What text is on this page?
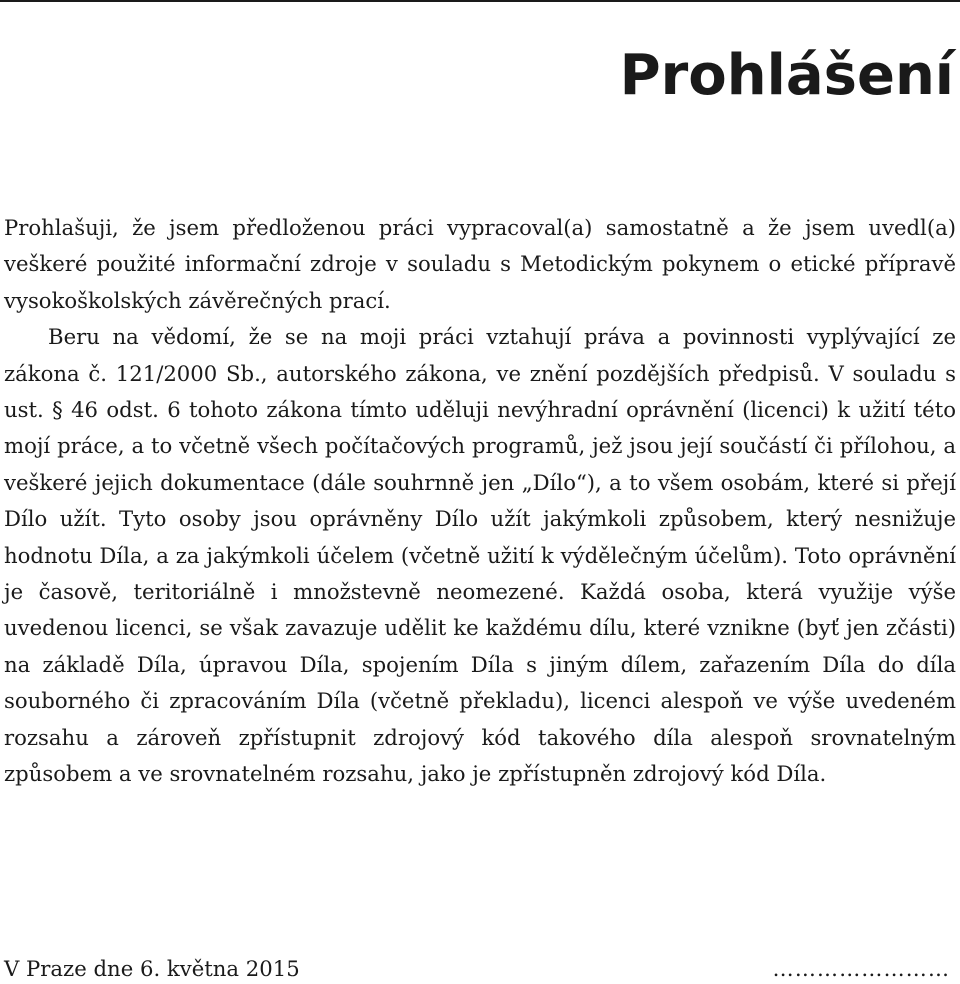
Prohlášení

Prohlašuji, že jsem předloženou práci vypracoval(a) samostatně a že jsem uvedl(a) veškeré použité informační zdroje v souladu s Metodickým pokynem o etické přípravě vysokoškolských závěrečných prací.

Beru na vědomí, že se na moji práci vztahují práva a povinnosti vyplývající ze zákona č. 121/2000 Sb., autorského zákona, ve znění pozdějších předpisů. V souladu s ust. § 46 odst. 6 tohoto zákona tímto uděluji nevýhradní oprávnění (licenci) k užití této mojí práce, a to včetně všech počítačových programů, jež jsou její součástí či přílohou, a veškeré jejich dokumentace (dále souhrnně jen „Dílo“), a to všem osobám, které si přejí Dílo užít. Tyto osoby jsou oprávněny Dílo užít jakýmkoli způsobem, který nesnižuje hodnotu Díla, a za jakýmkoli účelem (včetně užití k výdělečným účelům). Toto oprávnění je časově, teritoriálně i množstevně neomezené. Každá osoba, která využije výše uvedenou licenci, se však zavazuje udělit ke každému dílu, které vznikne (byť jen zčásti) na základě Díla, úpravou Díla, spojením Díla s jiným dílem, zařazením Díla do díla souborného či zpracováním Díla (včetně překladu), licenci alespoň ve výše uvedeném rozsahu a zároveň zpřístupnit zdrojový kód takového díla alespoň srovnatelným způsobem a ve srovnatelném rozsahu, jako je zpřístupněn zdrojový kód Díla.

V Praze dne 6. května 2015	……………………
